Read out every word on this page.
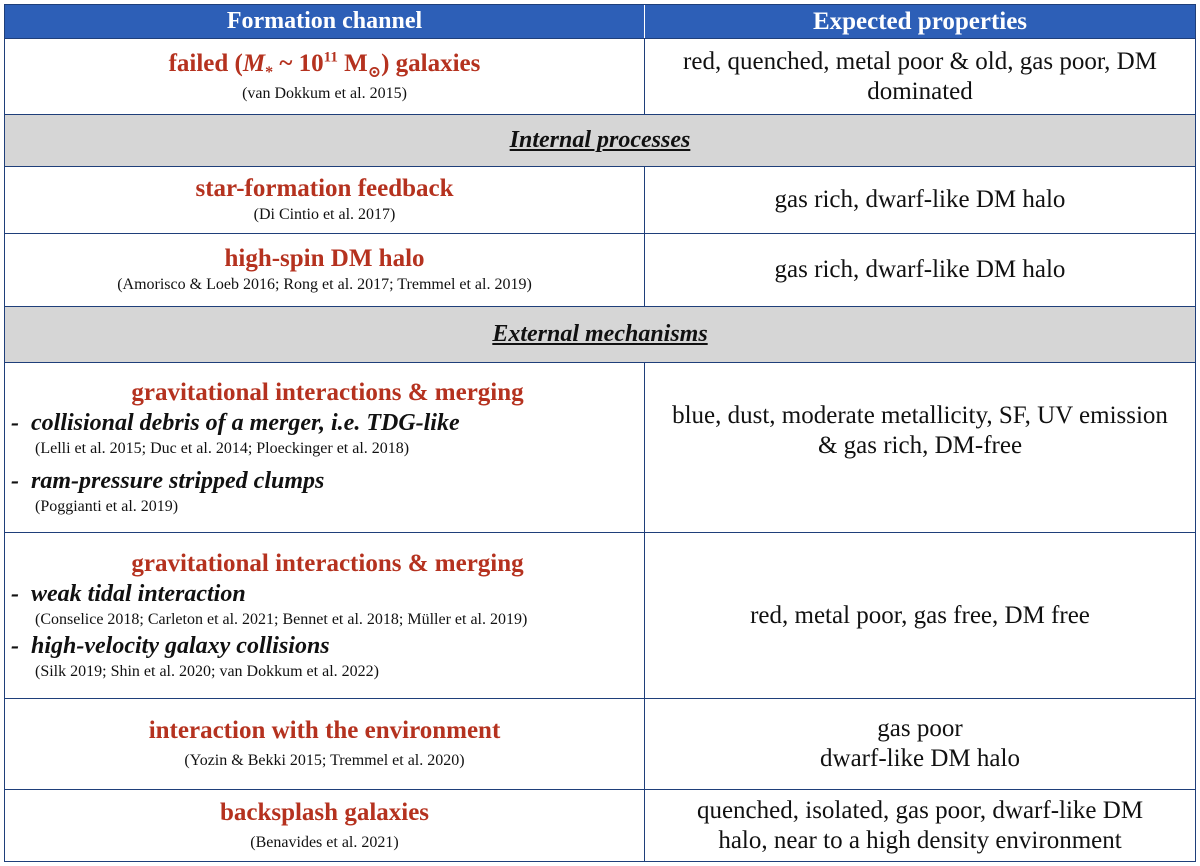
Formation channel	Expected properties
failed ($M_*$ ~ $10^{11}$ $M_⊙$) galaxies
(van Dokkum et al. 2015)
red, quenched, metal poor & old, gas poor, DM dominated
Internal processes
star-formation feedback
(Di Cintio et al. 2017)
gas rich, dwarf-like DM halo
high-spin DM halo
(Amorisco & Loeb 2016; Rong et al. 2017; Tremmel et al. 2019)
gas rich, dwarf-like DM halo
External mechanisms
gravitational interactions & merging
- collisional debris of a merger, i.e. TDG-like
(Lelli et al. 2015; Duc et al. 2014; Ploeckinger et al. 2018)
- ram-pressure stripped clumps
(Poggianti et al. 2019)
blue, dust, moderate metallicity, SF, UV emission
& gas rich, DM-free
gravitational interactions & merging
- weak tidal interaction
(Conselice 2018; Carleton et al. 2021; Bennet et al. 2018; Müller et al. 2019)
- high-velocity galaxy collisions
(Silk 2019; Shin et al. 2020; van Dokkum et al. 2022)
red, metal poor, gas free, DM free
interaction with the environment
(Yozin & Bekki 2015; Tremmel et al. 2020)
gas poor
dwarf-like DM halo
backsplash galaxies
(Benavides et al. 2021)
quenched, isolated, gas poor, dwarf-like DM
halo, near to a high density environment
